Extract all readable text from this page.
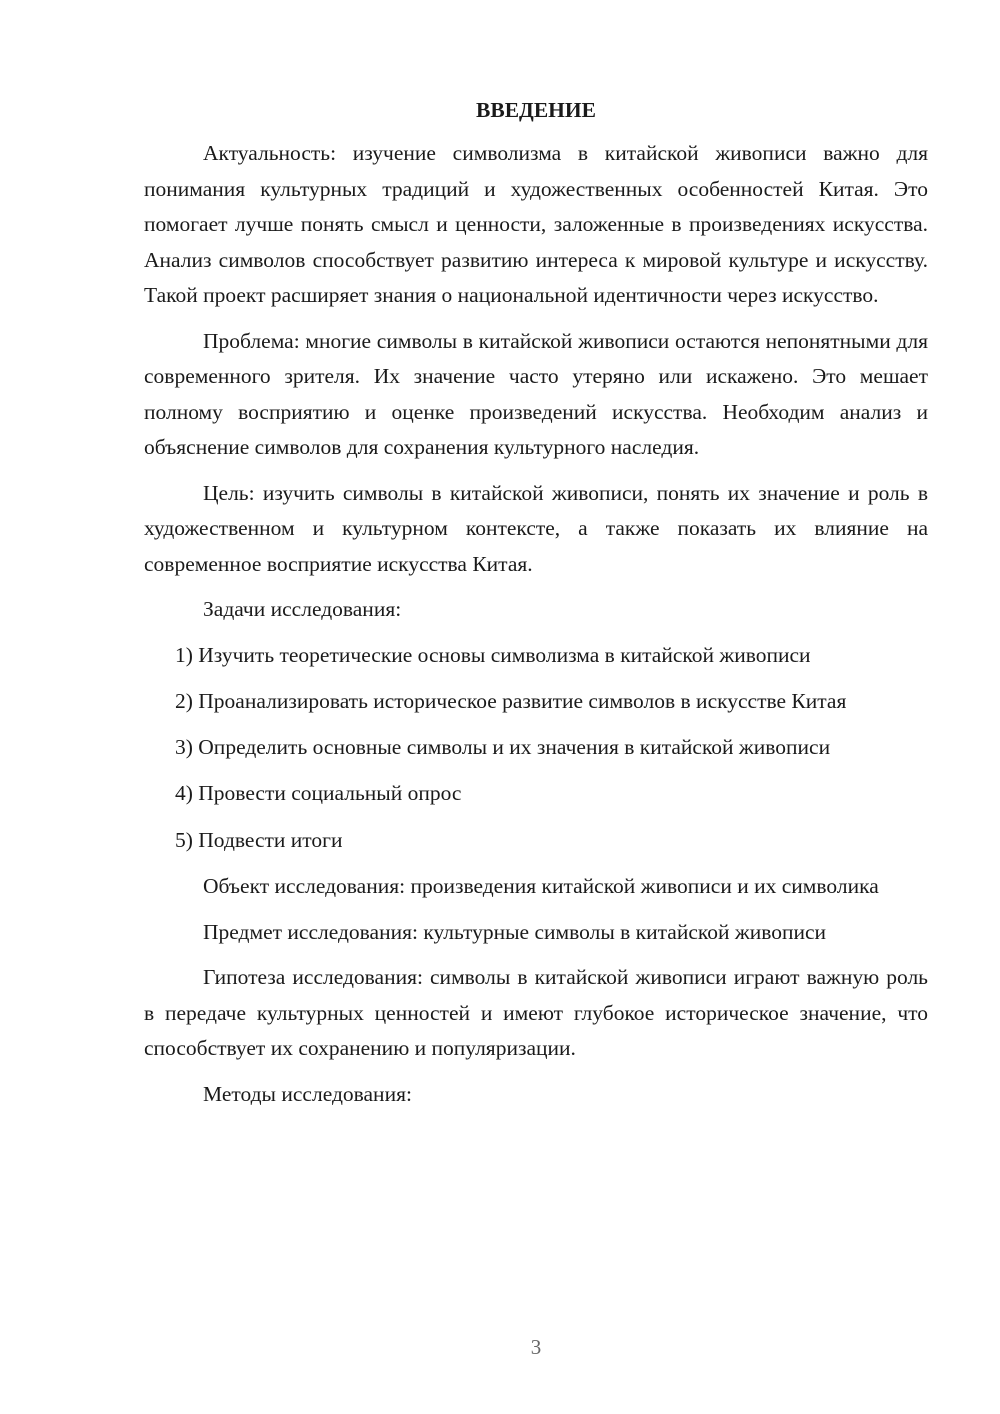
ВВЕДЕНИЕ

Актуальность: изучение символизма в китайской живописи важно для понимания культурных традиций и художественных особенностей Китая. Это помогает лучше понять смысл и ценности, заложенные в произведениях искусства. Анализ символов способствует развитию интереса к мировой культуре и искусству. Такой проект расширяет знания о национальной идентичности через искусство.

Проблема: многие символы в китайской живописи остаются непонятными для современного зрителя. Их значение часто утеряно или искажено. Это мешает полному восприятию и оценке произведений искусства. Необходим анализ и объяснение символов для сохранения культурного наследия.

Цель: изучить символы в китайской живописи, понять их значение и роль в художественном и культурном контексте, а также показать их влияние на современное восприятие искусства Китая.

Задачи исследования:

1) Изучить теоретические основы символизма в китайской живописи

2) Проанализировать историческое развитие символов в искусстве Китая

3) Определить основные символы и их значения в китайской живописи

4) Провести социальный опрос

5) Подвести итоги

Объект исследования: произведения китайской живописи и их символика

Предмет исследования: культурные символы в китайской живописи

Гипотеза исследования: символы в китайской живописи играют важную роль в передаче культурных ценностей и имеют глубокое историческое значение, что способствует их сохранению и популяризации.

Методы исследования:

3
